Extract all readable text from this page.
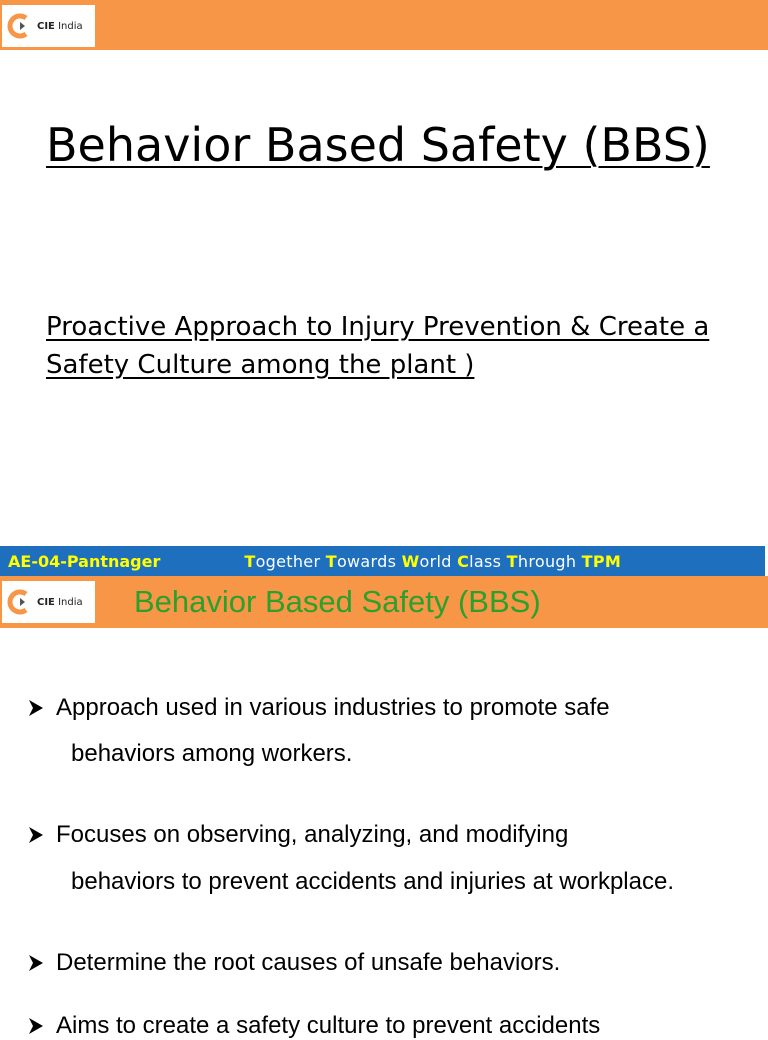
CIE India
Behavior Based Safety (BBS)
Proactive Approach to Injury Prevention & Create a Safety Culture among the plant )
AE-04-Pantnager	Together Towards World Class Through TPM
CIE India Behavior Based Safety (BBS)
Approach used in various industries to promote safe
behaviors among workers.
Focuses on observing, analyzing, and modifying
behaviors to prevent accidents and injuries at workplace.
Determine the root causes of unsafe behaviors.
Aims to create a safety culture to prevent accidents
